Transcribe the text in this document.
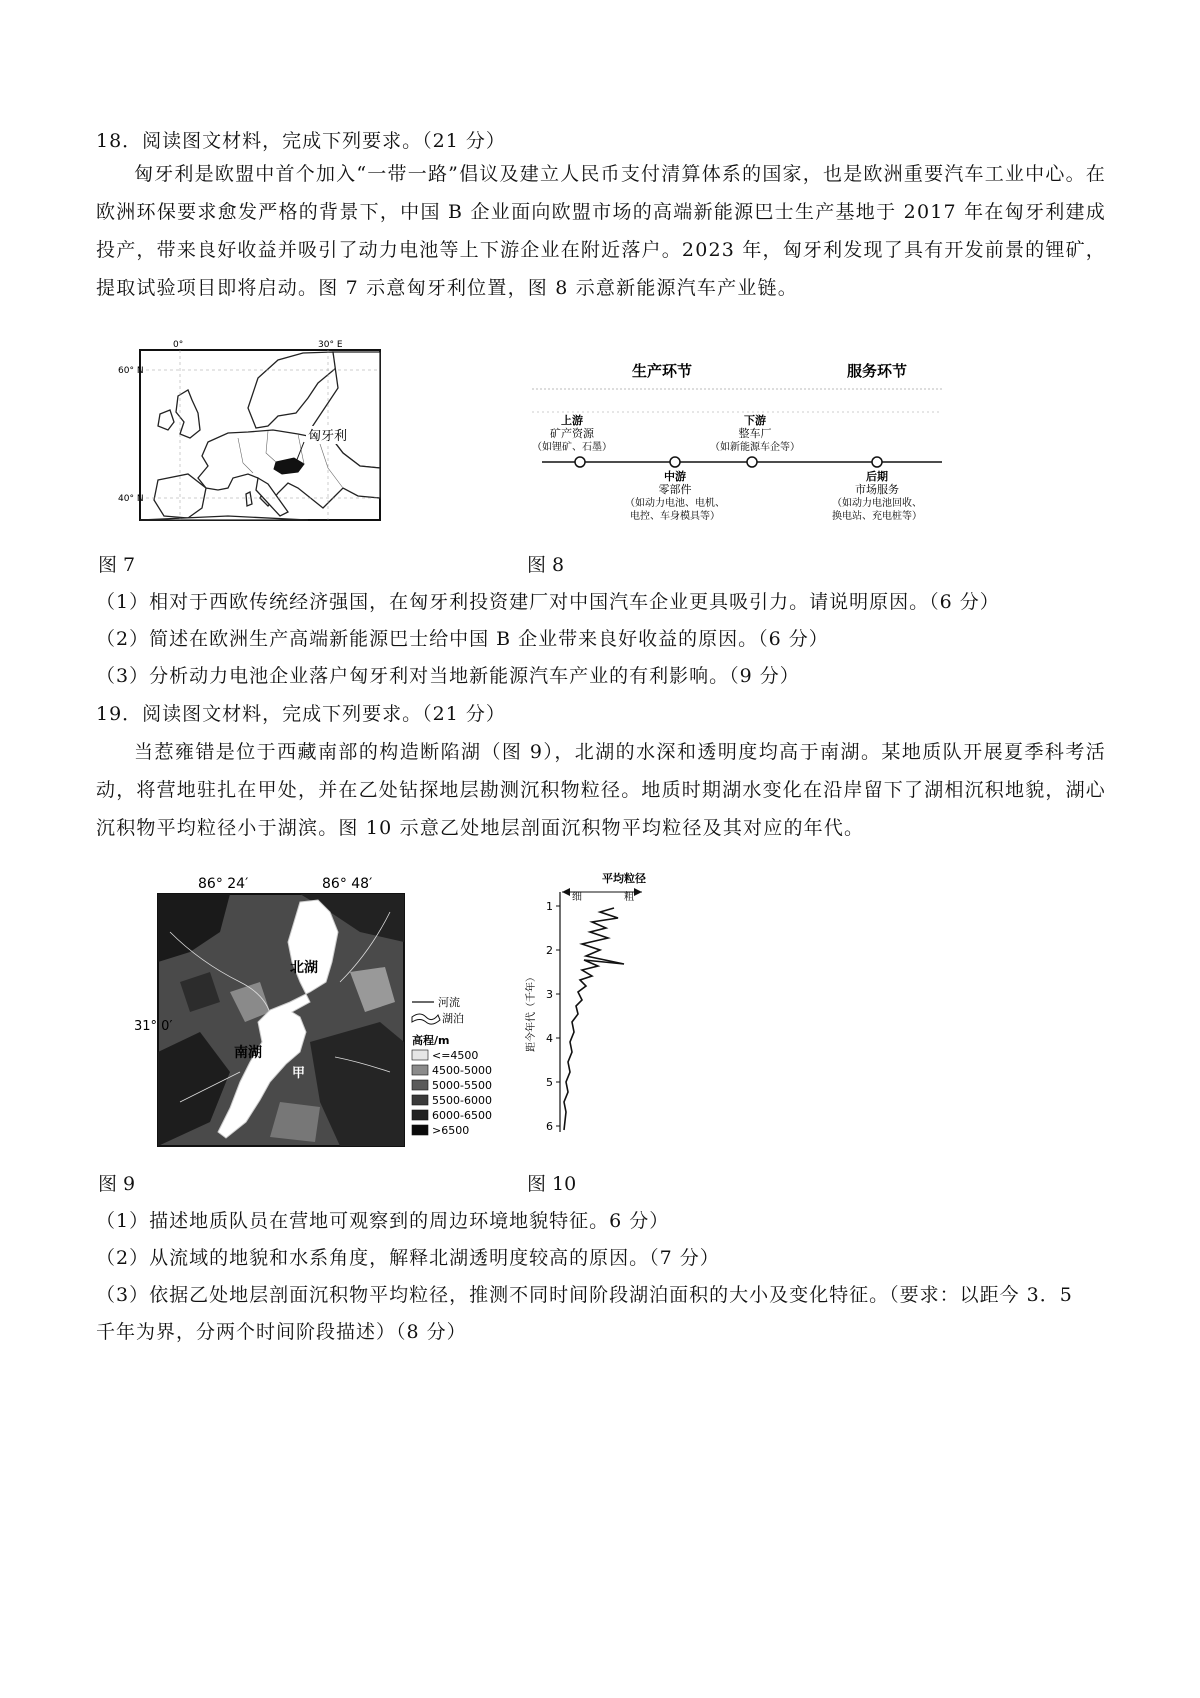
18．阅读图文材料，完成下列要求。（21 分）
匈牙利是欧盟中首个加入“一带一路”倡议及建立人民币支付清算体系的国家，也是欧洲重要汽车工业中心。在欧洲环保要求愈发严格的背景下，中国 B 企业面向欧盟市场的高端新能源巴士生产基地于 2017 年在匈牙利建成投产，带来良好收益并吸引了动力电池等上下游企业在附近落户。2023 年，匈牙利发现了具有开发前景的锂矿，提取试验项目即将启动。图 7 示意匈牙利位置，图 8 示意新能源汽车产业链。
0°	30° E
60° N
40° N
匈牙利
图 7
生产环节	服务环节
上游
矿产资源
（如锂矿、石墨）
下游
整车厂
（如新能源车企等）
中游
零部件
（如动力电池、电机、
电控、车身模具等）
后期
市场服务
（如动力电池回收、
换电站、充电桩等）
图 8
（1）相对于西欧传统经济强国，在匈牙利投资建厂对中国汽车企业更具吸引力。请说明原因。（6 分）
（2）简述在欧洲生产高端新能源巴士给中国 B 企业带来良好收益的原因。（6 分）
（3）分析动力电池企业落户匈牙利对当地新能源汽车产业的有利影响。（9 分）
19．阅读图文材料，完成下列要求。（21 分）
当惹雍错是位于西藏南部的构造断陷湖（图 9），北湖的水深和透明度均高于南湖。某地质队开展夏季科考活动，将营地驻扎在甲处，并在乙处钻探地层勘测沉积物粒径。地质时期湖水变化在沿岸留下了湖相沉积地貌，湖心沉积物平均粒径小于湖滨。图 10 示意乙处地层剖面沉积物平均粒径及其对应的年代。
86° 24′	86° 48′
北湖
南湖
甲
31° 0′
河流
湖泊
高程/m
<=4500
4500-5000
5000-5500
5500-6000
6000-6500
>6500
图 9
平均粒径
细	粗
1
2
3
4
5
6
距今年代（千年）
图 10
（1）描述地质队员在营地可观察到的周边环境地貌特征。6 分）
（2）从流域的地貌和水系角度，解释北湖透明度较高的原因。（7 分）
（3）依据乙处地层剖面沉积物平均粒径，推测不同时间阶段湖泊面积的大小及变化特征。（要求：以距今 3．5
千年为界，分两个时间阶段描述）（8 分）
